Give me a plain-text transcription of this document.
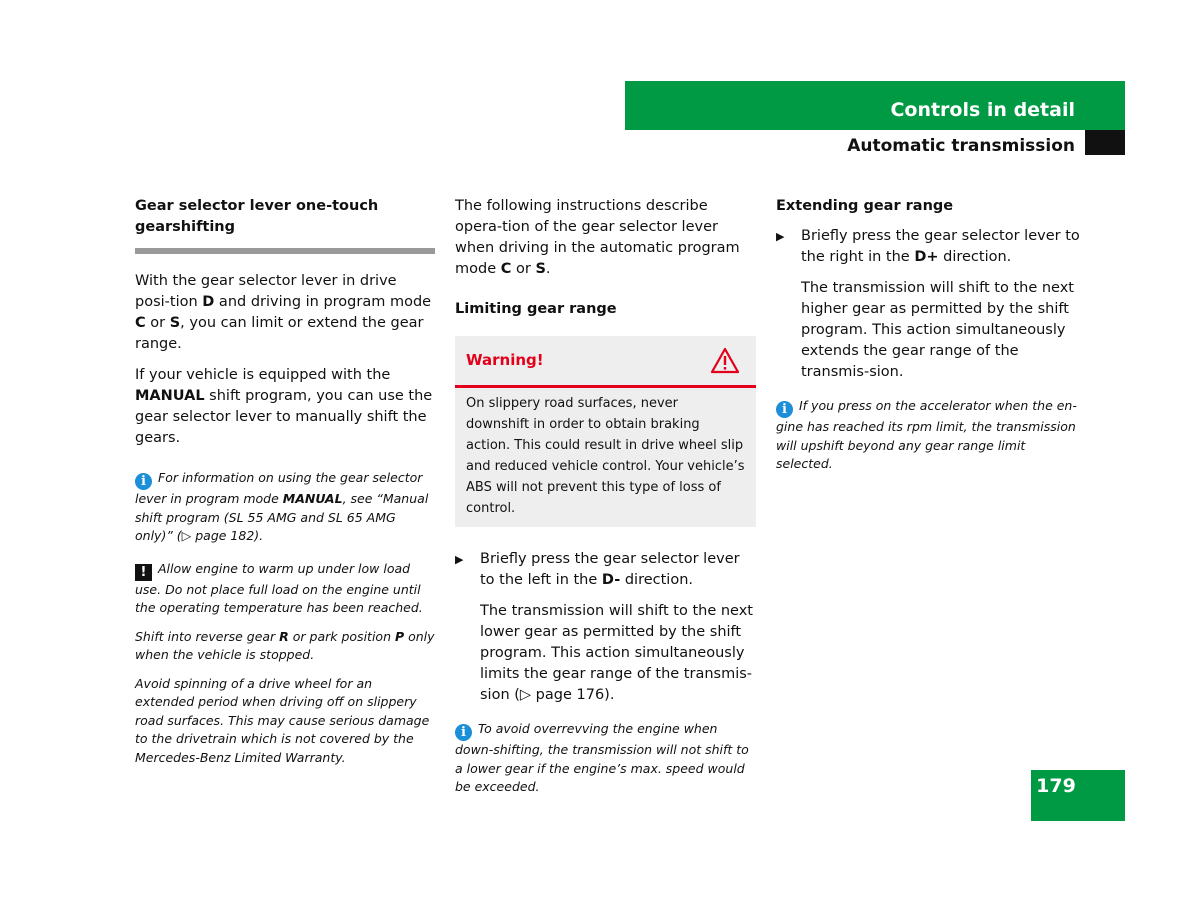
Controls in detail
Automatic transmission

Gear selector lever one-touch
gearshifting

With the gear selector lever in drive posi-tion D and driving in program mode C or S, you can limit or extend the gear range.

If your vehicle is equipped with the MANUAL shift program, you can use the gear selector lever to manually shift the gears.

i For information on using the gear selector lever in program mode MANUAL, see “Manual shift program (SL 55 AMG and SL 65 AMG only)” (▷ page 182).

! Allow engine to warm up under low load use. Do not place full load on the engine until the operating temperature has been reached.

Shift into reverse gear R or park position P only when the vehicle is stopped.

Avoid spinning of a drive wheel for an extended period when driving off on slippery road surfaces. This may cause serious damage to the drivetrain which is not covered by the Mercedes-Benz Limited Warranty.

The following instructions describe opera-tion of the gear selector lever when driving in the automatic program mode C or S.

Limiting gear range

Warning!

On slippery road surfaces, never downshift in order to obtain braking action. This could result in drive wheel slip and reduced vehicle control. Your vehicle’s ABS will not prevent this type of loss of control.

▶ Briefly press the gear selector lever to the left in the D- direction.

The transmission will shift to the next lower gear as permitted by the shift program. This action simultaneously limits the gear range of the transmis-sion (▷ page 176).

i To avoid overrevving the engine when down-shifting, the transmission will not shift to a lower gear if the engine’s max. speed would be exceeded.

Extending gear range

▶ Briefly press the gear selector lever to the right in the D+ direction.

The transmission will shift to the next higher gear as permitted by the shift program. This action simultaneously extends the gear range of the transmis-sion.

i If you press on the accelerator when the en-gine has reached its rpm limit, the transmission will upshift beyond any gear range limit selected.

179
